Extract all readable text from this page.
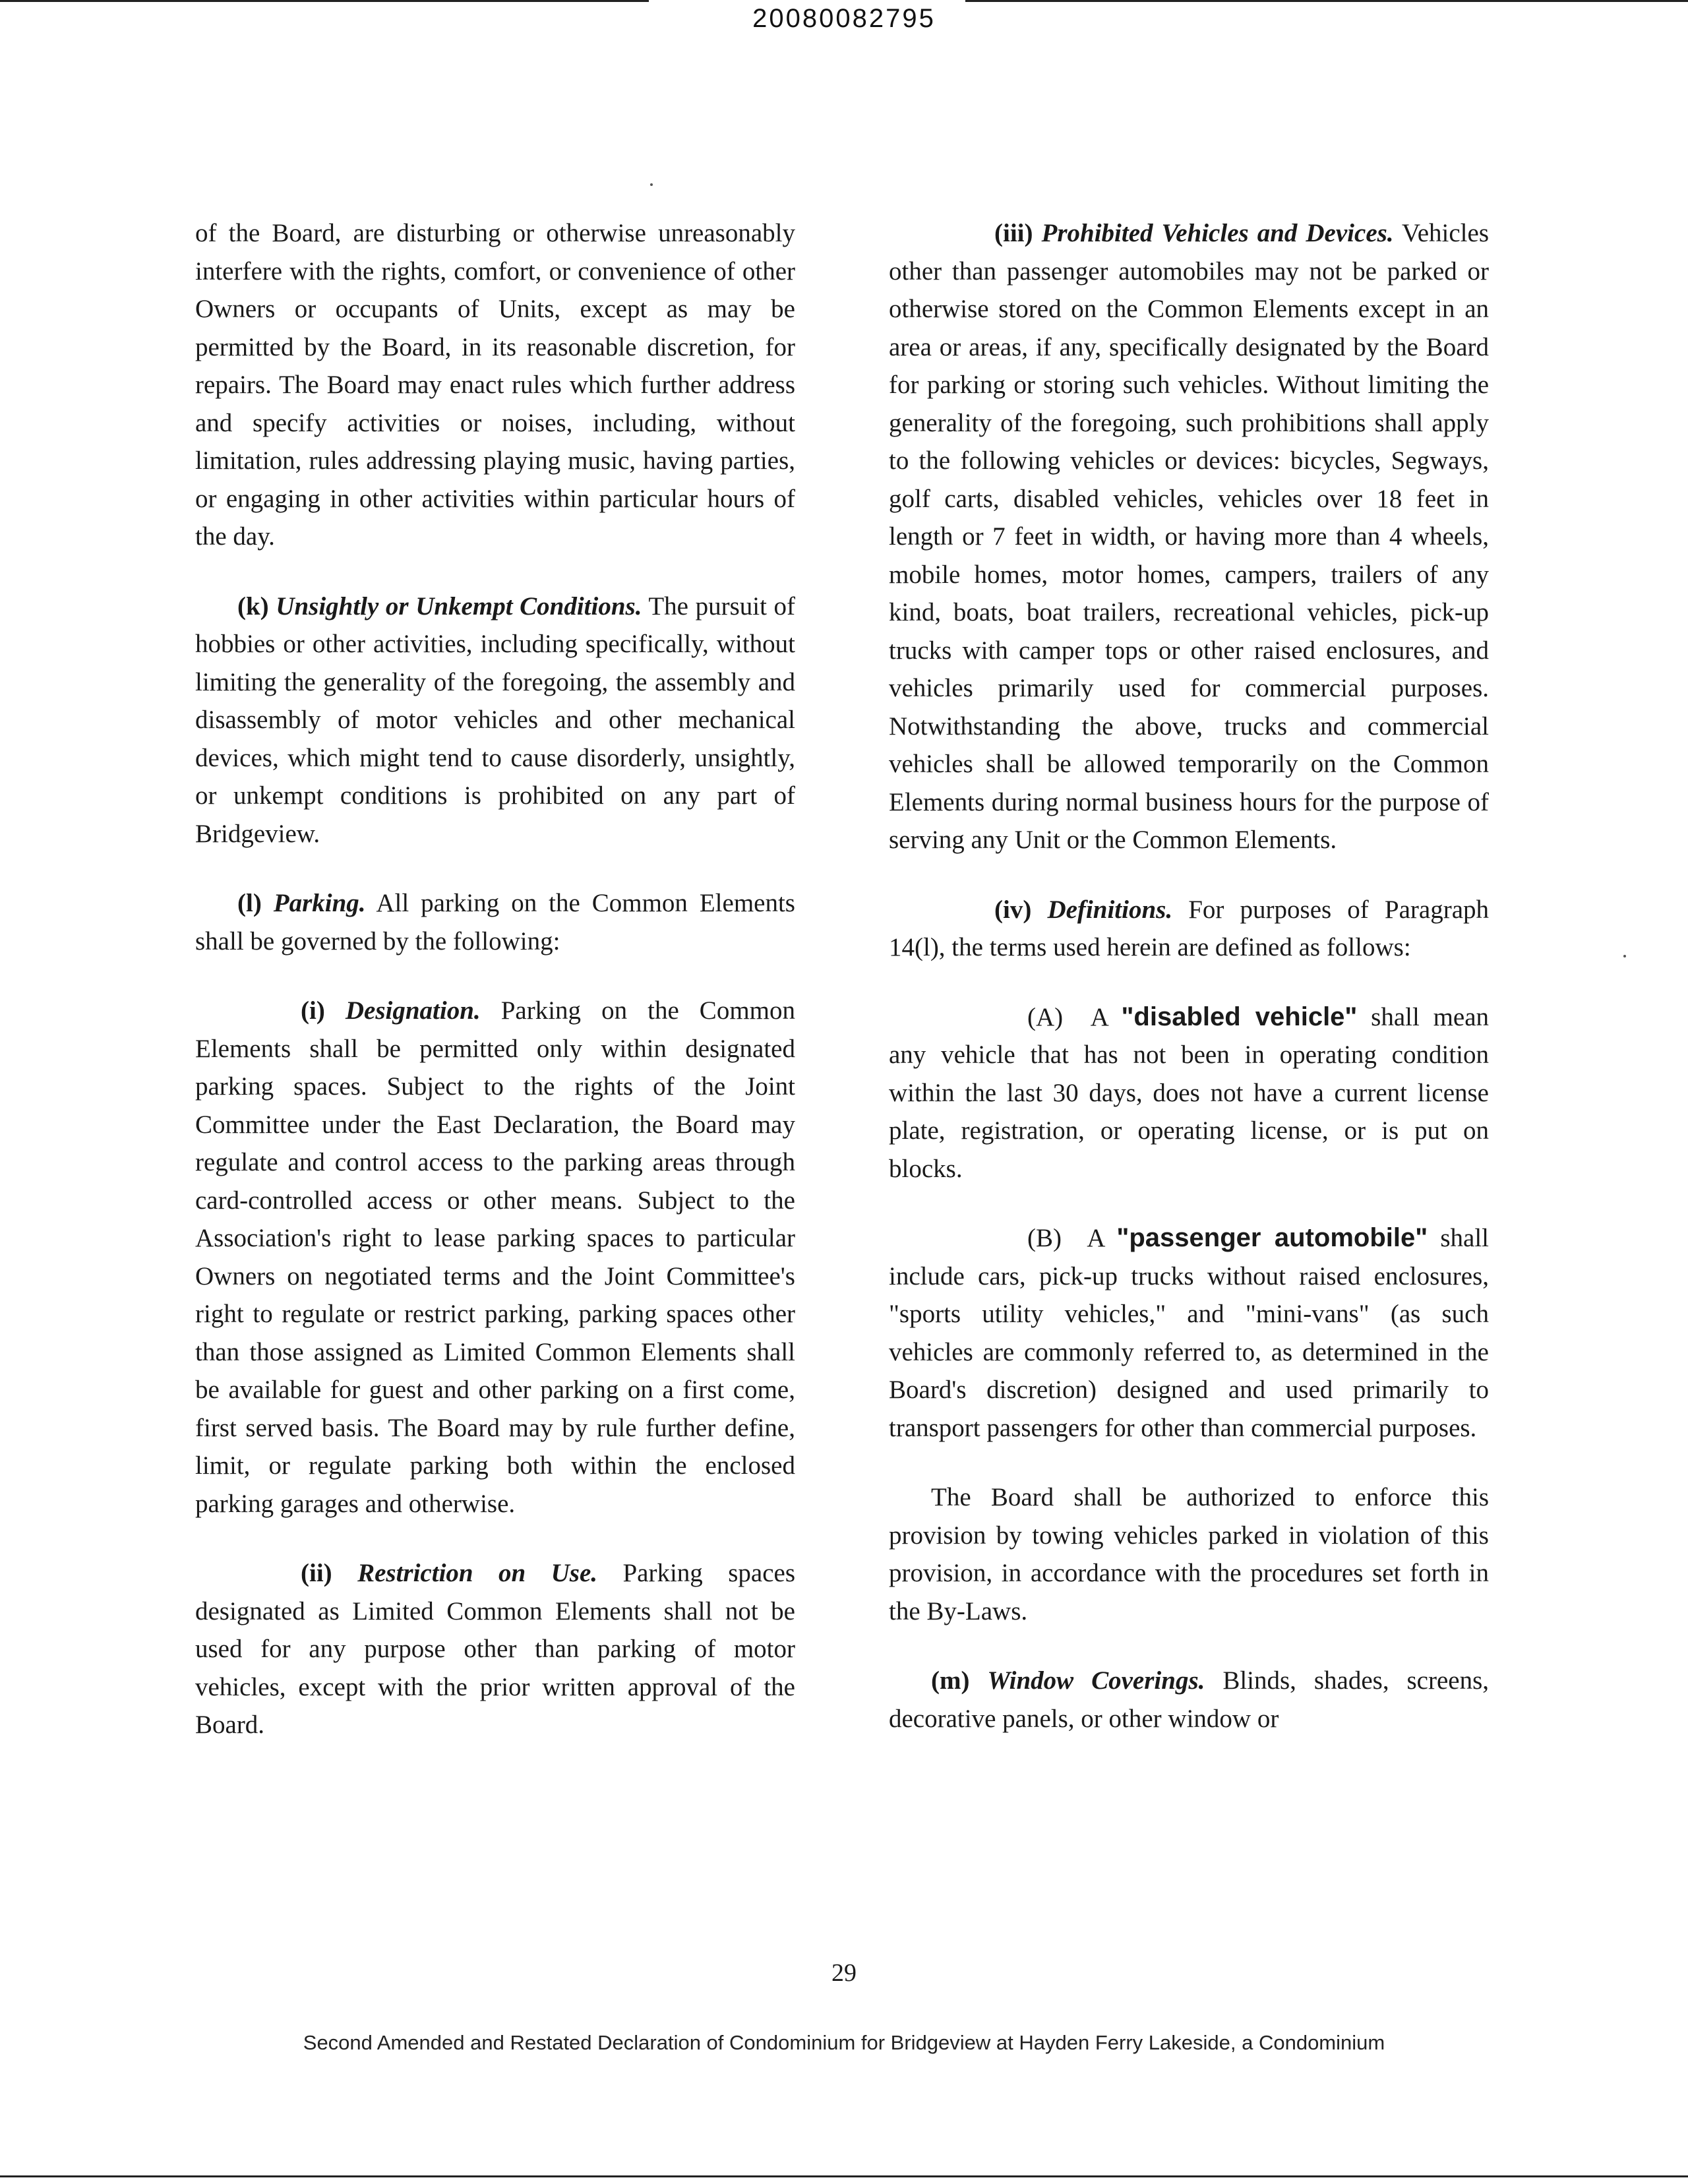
20080082795

of the Board, are disturbing or otherwise unreasonably interfere with the rights, comfort, or convenience of other Owners or occupants of Units, except as may be permitted by the Board, in its reasonable discretion, for repairs. The Board may enact rules which further address and specify activities or noises, including, without limitation, rules addressing playing music, having parties, or engaging in other activities within particular hours of the day.

(k) Unsightly or Unkempt Conditions. The pursuit of hobbies or other activities, including specifically, without limiting the generality of the foregoing, the assembly and disassembly of motor vehicles and other mechanical devices, which might tend to cause disorderly, unsightly, or unkempt conditions is prohibited on any part of Bridgeview.

(l) Parking. All parking on the Common Elements shall be governed by the following:

(i) Designation. Parking on the Common Elements shall be permitted only within designated parking spaces. Subject to the rights of the Joint Committee under the East Declaration, the Board may regulate and control access to the parking areas through card-controlled access or other means. Subject to the Association's right to lease parking spaces to particular Owners on negotiated terms and the Joint Committee's right to regulate or restrict parking, parking spaces other than those assigned as Limited Common Elements shall be available for guest and other parking on a first come, first served basis. The Board may by rule further define, limit, or regulate parking both within the enclosed parking garages and otherwise.

(ii) Restriction on Use. Parking spaces designated as Limited Common Elements shall not be used for any purpose other than parking of motor vehicles, except with the prior written approval of the Board.

(iii) Prohibited Vehicles and Devices. Vehicles other than passenger automobiles may not be parked or otherwise stored on the Common Elements except in an area or areas, if any, specifically designated by the Board for parking or storing such vehicles. Without limiting the generality of the foregoing, such prohibitions shall apply to the following vehicles or devices: bicycles, Segways, golf carts, disabled vehicles, vehicles over 18 feet in length or 7 feet in width, or having more than 4 wheels, mobile homes, motor homes, campers, trailers of any kind, boats, boat trailers, recreational vehicles, pick-up trucks with camper tops or other raised enclosures, and vehicles primarily used for commercial purposes. Notwithstanding the above, trucks and commercial vehicles shall be allowed temporarily on the Common Elements during normal business hours for the purpose of serving any Unit or the Common Elements.

(iv) Definitions. For purposes of Paragraph 14(l), the terms used herein are defined as follows:

(A) A "disabled vehicle" shall mean any vehicle that has not been in operating condition within the last 30 days, does not have a current license plate, registration, or operating license, or is put on blocks.

(B) A "passenger automobile" shall include cars, pick-up trucks without raised enclosures, "sports utility vehicles," and "mini-vans" (as such vehicles are commonly referred to, as determined in the Board's discretion) designed and used primarily to transport passengers for other than commercial purposes.

The Board shall be authorized to enforce this provision by towing vehicles parked in violation of this provision, in accordance with the procedures set forth in the By-Laws.

(m) Window Coverings. Blinds, shades, screens, decorative panels, or other window or

29
Second Amended and Restated Declaration of Condominium for Bridgeview at Hayden Ferry Lakeside, a Condominium
